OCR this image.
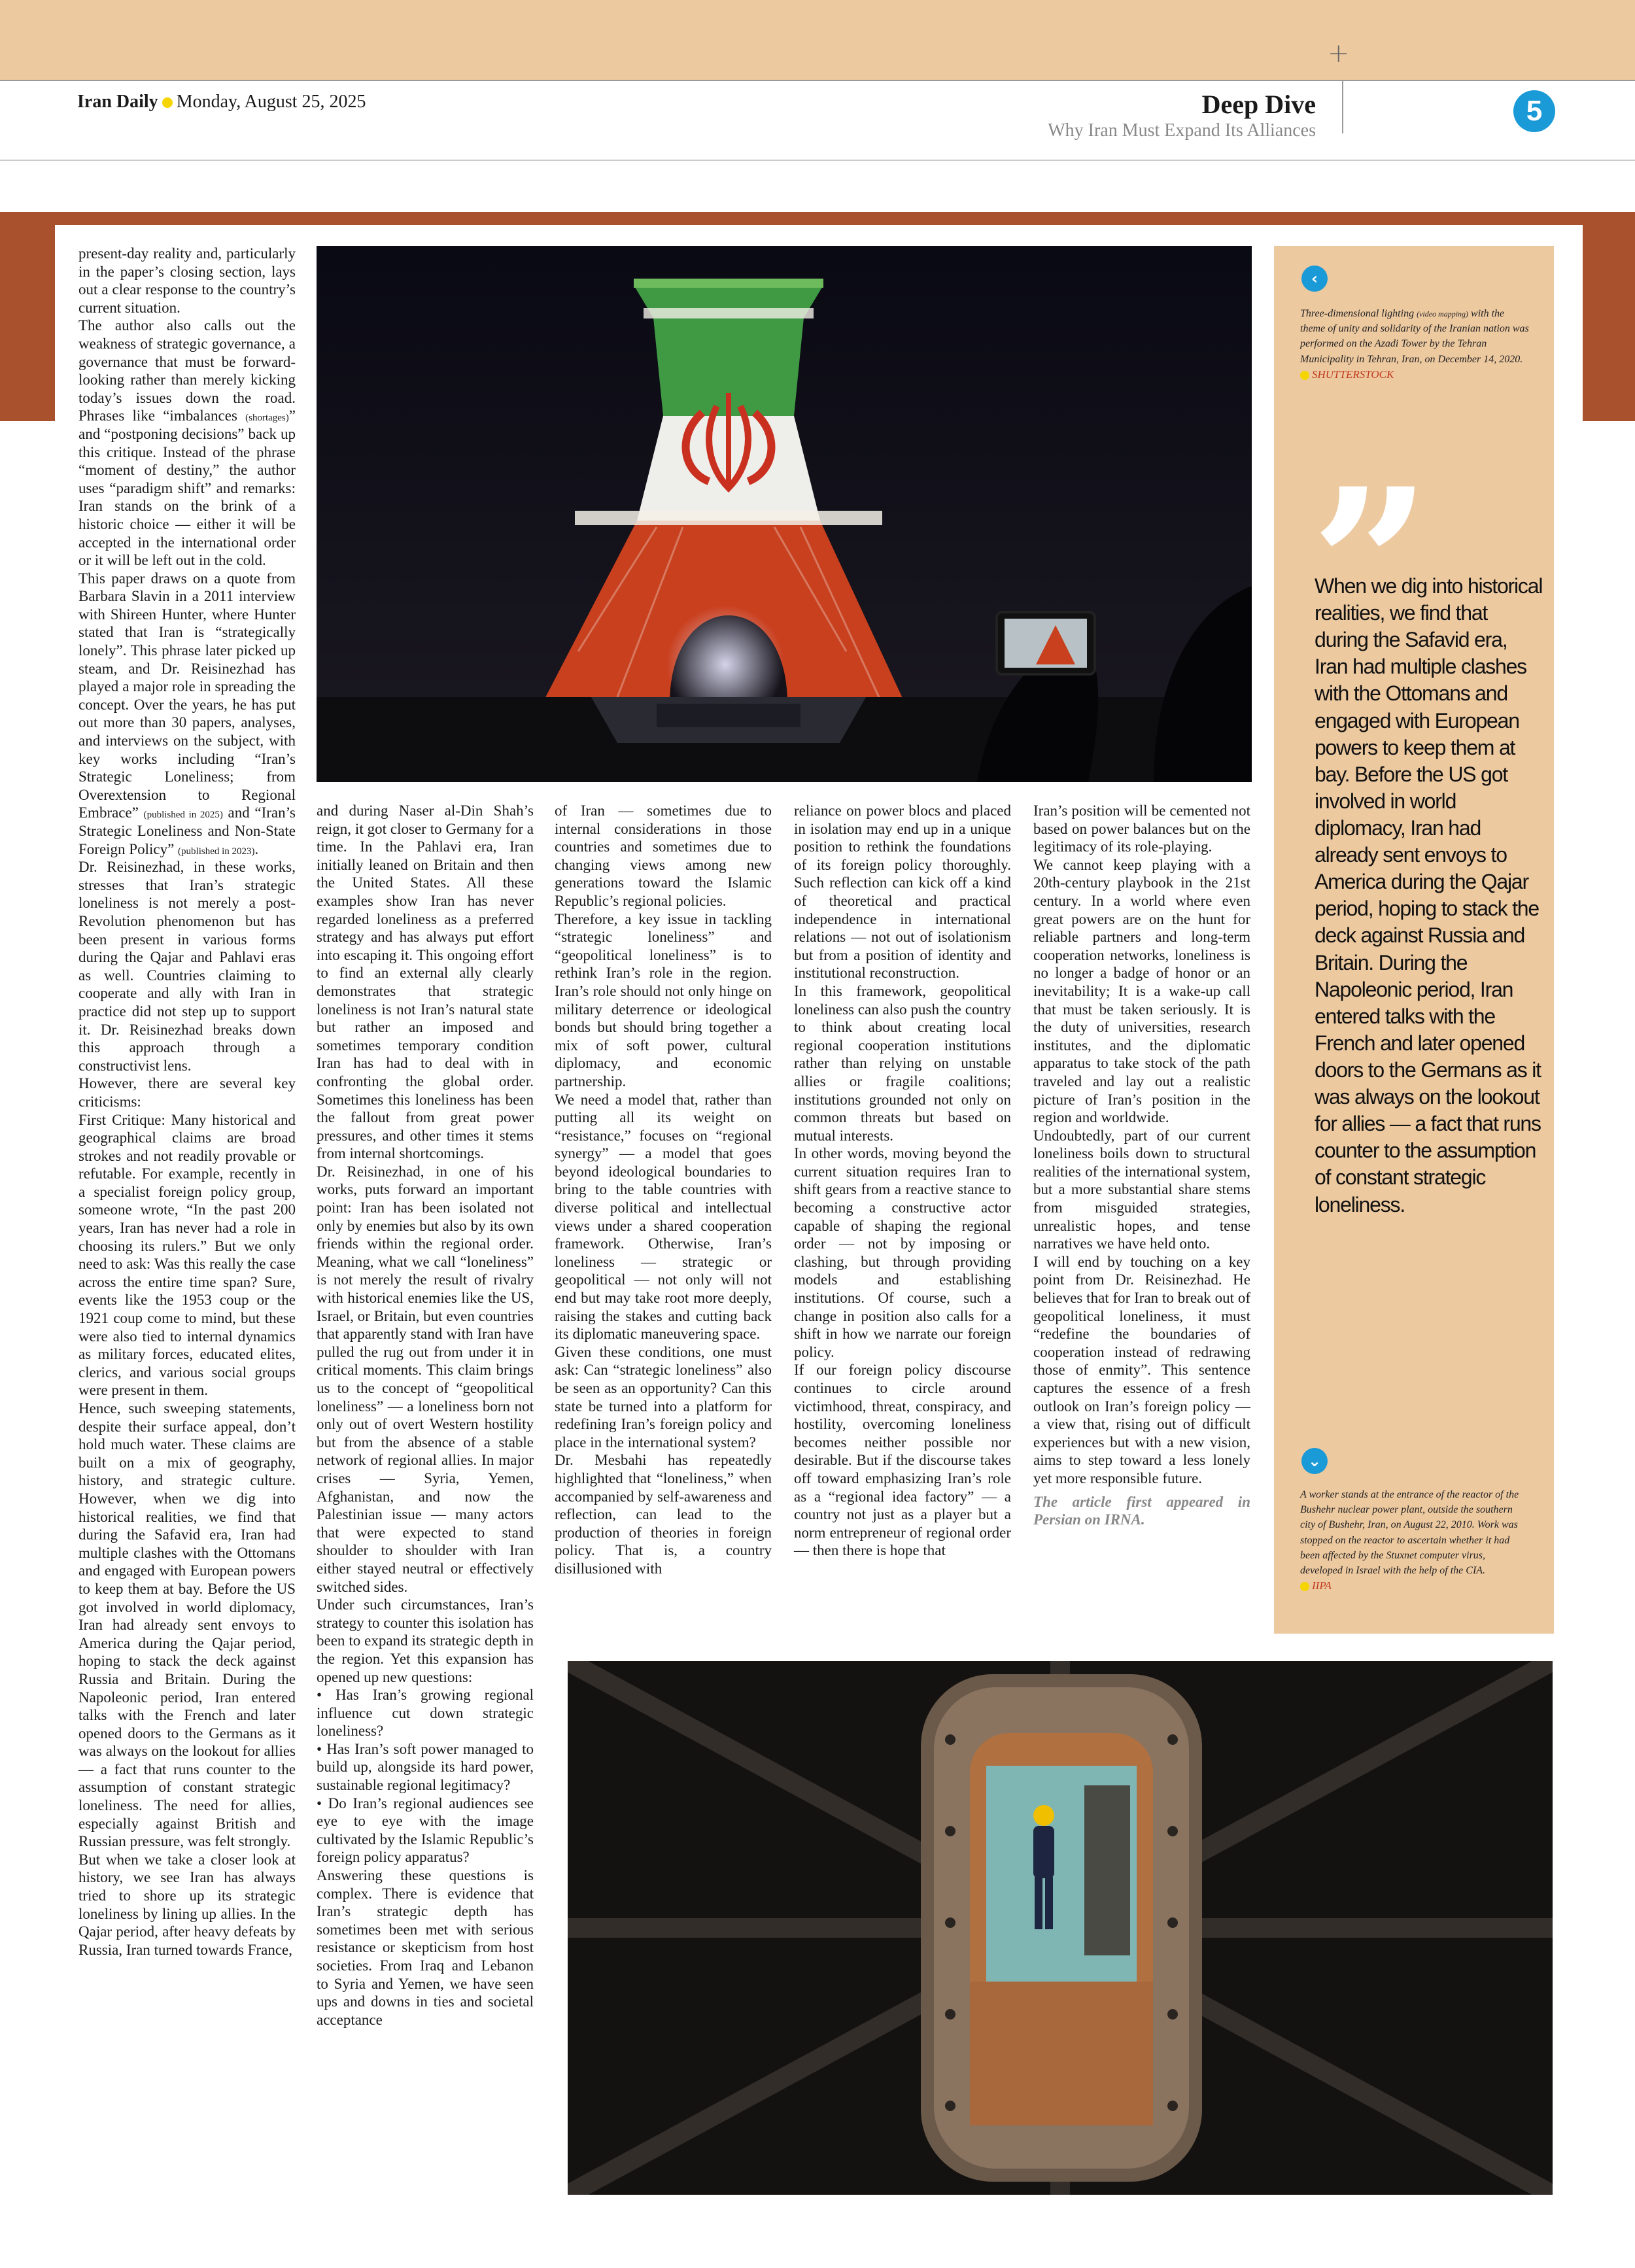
+
Iran Daily Monday, August 25, 2025	Deep Dive
Why Iran Must Expand Its Alliances
5
‹
Three-dimensional lighting (video mapping) with the theme of unity and solidarity of the Iranian nation was performed on the Azadi Tower by the Tehran Municipality in Tehran, Iran, on December 14, 2020.
SHUTTERSTOCK
When we dig into historical realities, we find that during the Safavid era, Iran had multiple clashes with the Ottomans and engaged with European powers to keep them at bay. Before the US got involved in world diplomacy, Iran had already sent envoys to America during the Qajar period, hoping to stack the deck against Russia and Britain. During the Napoleonic period, Iran entered talks with the French and later opened doors to the Germans as it was always on the lookout for allies — a fact that runs counter to the assumption of constant strategic loneliness.
⌄
A worker stands at the entrance of the reactor of the Bushehr nuclear power plant, outside the southern city of Bushehr, Iran, on August 22, 2010. Work was stopped on the reactor to ascertain whether it had been affected by the Stuxnet computer virus, developed in Israel with the help of the CIA.
IIPA

present-day reality and, particularly in the paper’s closing section, lays out a clear response to the country’s current situation.

The author also calls out the weakness of strategic governance, a governance that must be forward-looking rather than merely kicking today’s issues down the road. Phrases like “imbalances (shortages)” and “postponing decisions” back up this critique. Instead of the phrase “moment of destiny,” the author uses “paradigm shift” and remarks: Iran stands on the brink of a historic choice — either it will be accepted in the international order or it will be left out in the cold.

This paper draws on a quote from Barbara Slavin in a 2011 interview with Shireen Hunter, where Hunter stated that Iran is “strategically lonely”. This phrase later picked up steam, and Dr. Reisinezhad has played a major role in spreading the concept. Over the years, he has put out more than 30 papers, analyses, and interviews on the subject, with key works including “Iran’s Strategic Loneliness; from Overextension to Regional Embrace” (published in 2025) and “Iran’s Strategic Loneliness and Non-State Foreign Policy” (published in 2023).

Dr. Reisinezhad, in these works, stresses that Iran’s strategic loneliness is not merely a post-Revolution phenomenon but has been present in various forms during the Qajar and Pahlavi eras as well. Countries claiming to cooperate and ally with Iran in practice did not step up to support it. Dr. Reisinezhad breaks down this approach through a constructivist lens.

However, there are several key criticisms:

First Critique: Many historical and geographical claims are broad strokes and not readily provable or refutable. For example, recently in a specialist foreign policy group, someone wrote, “In the past 200 years, Iran has never had a role in choosing its rulers.” But we only need to ask: Was this really the case across the entire time span? Sure, events like the 1953 coup or the 1921 coup come to mind, but these were also tied to internal dynamics as military forces, educated elites, clerics, and various social groups were present in them.

Hence, such sweeping statements, despite their surface appeal, don’t hold much water. These claims are built on a mix of geography, history, and strategic culture. However, when we dig into historical realities, we find that during the Safavid era, Iran had multiple clashes with the Ottomans and engaged with European powers to keep them at bay. Before the US got involved in world diplomacy, Iran had already sent envoys to America during the Qajar period, hoping to stack the deck against Russia and Britain. During the Napoleonic period, Iran entered talks with the French and later opened doors to the Germans as it was always on the lookout for allies — a fact that runs counter to the assumption of constant strategic loneliness. The need for allies, especially against British and Russian pressure, was felt strongly.

But when we take a closer look at history, we see Iran has always tried to shore up its strategic loneliness by lining up allies. In the Qajar period, after heavy defeats by Russia, Iran turned towards France,

and during Naser al-Din Shah’s reign, it got closer to Germany for a time. In the Pahlavi era, Iran initially leaned on Britain and then the United States. All these examples show Iran has never regarded loneliness as a preferred strategy and has always put effort into escaping it. This ongoing effort to find an external ally clearly demonstrates that strategic loneliness is not Iran’s natural state but rather an imposed and sometimes temporary condition Iran has had to deal with in confronting the global order. Sometimes this loneliness has been the fallout from great power pressures, and other times it stems from internal shortcomings.

Dr. Reisinezhad, in one of his works, puts forward an important point: Iran has been isolated not only by enemies but also by its own friends within the regional order. Meaning, what we call “loneliness” is not merely the result of rivalry with historical enemies like the US, Israel, or Britain, but even countries that apparently stand with Iran have pulled the rug out from under it in critical moments. This claim brings us to the concept of “geopolitical loneliness” — a loneliness born not only out of overt Western hostility but from the absence of a stable network of regional allies. In major crises — Syria, Yemen, Afghanistan, and now the Palestinian issue — many actors that were expected to stand shoulder to shoulder with Iran either stayed neutral or effectively switched sides.

Under such circumstances, Iran’s strategy to counter this isolation has been to expand its strategic depth in the region. Yet this expansion has opened up new questions:

• Has Iran’s growing regional influence cut down strategic loneliness?

• Has Iran’s soft power managed to build up, alongside its hard power, sustainable regional legitimacy?

• Do Iran’s regional audiences see eye to eye with the image cultivated by the Islamic Republic’s foreign policy apparatus?

Answering these questions is complex. There is evidence that Iran’s strategic depth has sometimes been met with serious resistance or skepticism from host societies. From Iraq and Lebanon to Syria and Yemen, we have seen ups and downs in ties and societal acceptance

of Iran — sometimes due to internal considerations in those countries and sometimes due to changing views among new generations toward the Islamic Republic’s regional policies.

Therefore, a key issue in tackling “strategic loneliness” and “geopolitical loneliness” is to rethink Iran’s role in the region. Iran’s role should not only hinge on military deterrence or ideological bonds but should bring together a mix of soft power, cultural diplomacy, and economic partnership.

We need a model that, rather than putting all its weight on “resistance,” focuses on “regional synergy” — a model that goes beyond ideological boundaries to bring to the table countries with diverse political and intellectual views under a shared cooperation framework. Otherwise, Iran’s loneliness — strategic or geopolitical — not only will not end but may take root more deeply, raising the stakes and cutting back its diplomatic maneuvering space.

Given these conditions, one must ask: Can “strategic loneliness” also be seen as an opportunity? Can this state be turned into a platform for redefining Iran’s foreign policy and place in the international system?

Dr. Mesbahi has repeatedly highlighted that “loneliness,” when accompanied by self-awareness and reflection, can lead to the production of theories in foreign policy. That is, a country disillusioned with

reliance on power blocs and placed in isolation may end up in a unique position to rethink the foundations of its foreign policy thoroughly. Such reflection can kick off a kind of theoretical and practical independence in international relations — not out of isolationism but from a position of identity and institutional reconstruction.

In this framework, geopolitical loneliness can also push the country to think about creating local regional cooperation institutions rather than relying on unstable allies or fragile coalitions; institutions grounded not only on common threats but based on mutual interests.

In other words, moving beyond the current situation requires Iran to shift gears from a reactive stance to becoming a constructive actor capable of shaping the regional order — not by imposing or clashing, but through providing models and establishing institutions. Of course, such a change in position also calls for a shift in how we narrate our foreign policy.

If our foreign policy discourse continues to circle around victimhood, threat, conspiracy, and hostility, overcoming loneliness becomes neither possible nor desirable. But if the discourse takes off toward emphasizing Iran’s role as a “regional idea factory” — a country not just as a player but a norm entrepreneur of regional order — then there is hope that

Iran’s position will be cemented not based on power balances but on the legitimacy of its role-playing.

We cannot keep playing with a 20th-century playbook in the 21st century. In a world where even great powers are on the hunt for reliable partners and long-term cooperation networks, loneliness is no longer a badge of honor or an inevitability; It is a wake-up call that must be taken seriously. It is the duty of universities, research institutes, and the diplomatic apparatus to take stock of the path traveled and lay out a realistic picture of Iran’s position in the region and worldwide.

Undoubtedly, part of our current loneliness boils down to structural realities of the international system, but a more substantial share stems from misguided strategies, unrealistic hopes, and tense narratives we have held onto.

I will end by touching on a key point from Dr. Reisinezhad. He believes that for Iran to break out of geopolitical loneliness, it must “redefine the boundaries of cooperation instead of redrawing those of enmity”. This sentence captures the essence of a fresh outlook on Iran’s foreign policy — a view that, rising out of difficult experiences but with a new vision, aims to step toward a less lonely yet more responsible future.

The article first appeared in Persian on IRNA.
